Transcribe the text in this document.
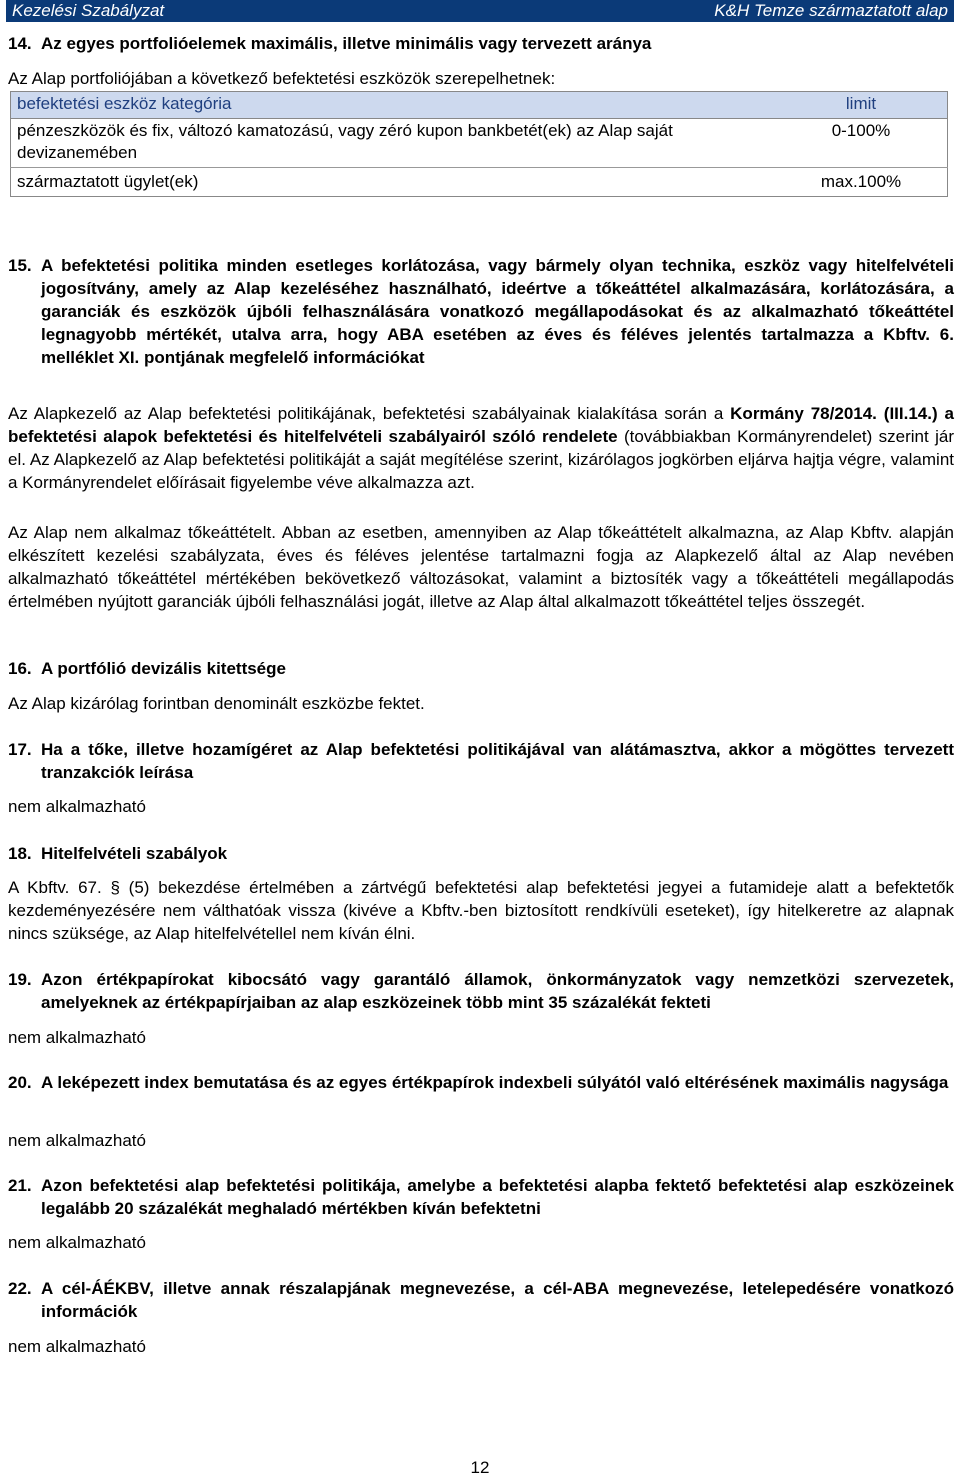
Kezelési Szabályzat	K&H Temze származtatott alap
14. Az egyes portfolióelemek maximális, illetve minimális vagy tervezett aránya

Az Alap portfoliójában a következő befektetési eszközök szerepelhetnek:

befektetési eszköz kategória	limit
pénzeszközök és fix, változó kamatozású, vagy zéró kupon bankbetét(ek) az Alap saját devizanemében	0-100%
származtatott ügylet(ek)	max.100%
15. A befektetési politika minden esetleges korlátozása, vagy bármely olyan technika, eszköz vagy hitelfelvételi jogosítvány, amely az Alap kezeléséhez használható, ideértve a tőkeáttétel alkalmazására, korlátozására, a garanciák és eszközök újbóli felhasználására vonatkozó megállapodásokat és az alkalmazható tőkeáttétel legnagyobb mértékét, utalva arra, hogy ABA esetében az éves és féléves jelentés tartalmazza a Kbftv. 6. melléklet XI. pontjának megfelelő információkat

Az Alapkezelő az Alap befektetési politikájának, befektetési szabályainak kialakítása során a Kormány 78/2014. (III.14.) a befektetési alapok befektetési és hitelfelvételi szabályairól szóló rendelete (továbbiakban Kormányrendelet) szerint jár el. Az Alapkezelő az Alap befektetési politikáját a saját megítélése szerint, kizárólagos jogkörben eljárva hajtja végre, valamint a Kormányrendelet előírásait figyelembe véve alkalmazza azt.

Az Alap nem alkalmaz tőkeáttételt. Abban az esetben, amennyiben az Alap tőkeáttételt alkalmazna, az Alap Kbftv. alapján elkészített kezelési szabályzata, éves és féléves jelentése tartalmazni fogja az Alapkezelő által az Alap nevében alkalmazható tőkeáttétel mértékében bekövetkező változásokat, valamint a biztosíték vagy a tőkeáttételi megállapodás értelmében nyújtott garanciák újbóli felhasználási jogát, illetve az Alap által alkalmazott tőkeáttétel teljes összegét.

16. A portfólió devizális kitettsége

Az Alap kizárólag forintban denominált eszközbe fektet.

17. Ha a tőke, illetve hozamígéret az Alap befektetési politikájával van alátámasztva, akkor a mögöttes tervezett tranzakciók leírása

nem alkalmazható

18. Hitelfelvételi szabályok

A Kbftv. 67. § (5) bekezdése értelmében a zártvégű befektetési alap befektetési jegyei a futamideje alatt a befektetők kezdeményezésére nem válthatóak vissza (kivéve a Kbftv.-ben biztosított rendkívüli eseteket), így hitelkeretre az alapnak nincs szüksége, az Alap hitelfelvétellel nem kíván élni.

19. Azon értékpapírokat kibocsátó vagy garantáló államok, önkormányzatok vagy nemzetközi szervezetek, amelyeknek az értékpapírjaiban az alap eszközeinek több mint 35 százalékát fekteti

nem alkalmazható

20. A leképezett index bemutatása és az egyes értékpapírok indexbeli súlyától való eltérésének maximális nagysága

nem alkalmazható

21. Azon befektetési alap befektetési politikája, amelybe a befektetési alapba fektető befektetési alap eszközeinek legalább 20 százalékát meghaladó mértékben kíván befektetni

nem alkalmazható

22. A cél-ÁÉKBV, illetve annak részalapjának megnevezése, a cél-ABA megnevezése, letelepedésére vonatkozó információk

nem alkalmazható

12
